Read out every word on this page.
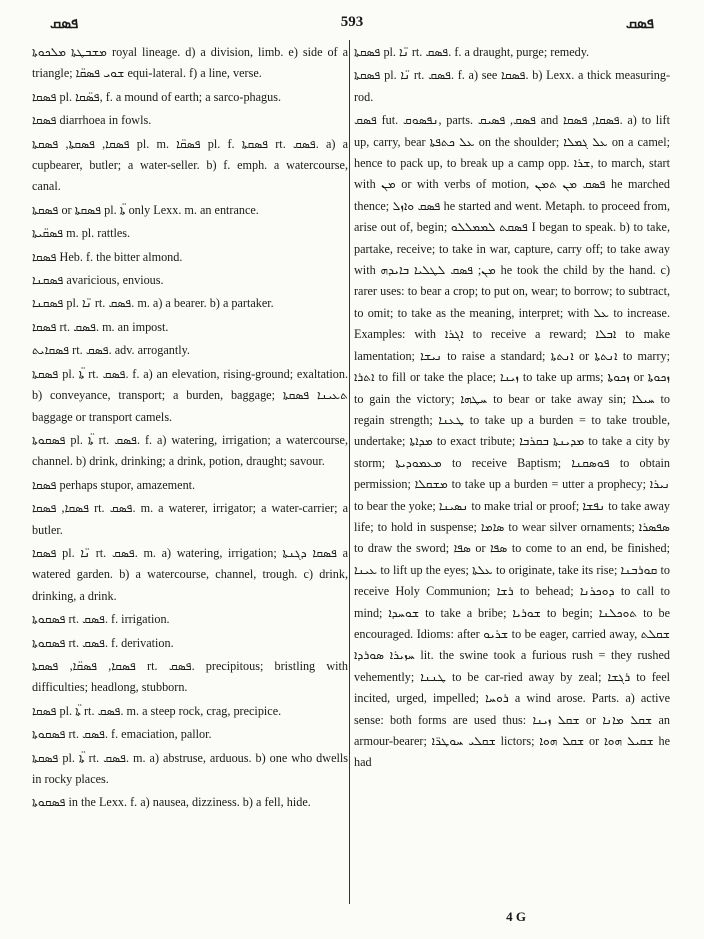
ܦܣܩ	593	ܦܣܩ

ܡܫܒܛܬܐ ܡܠܟܘܬܐ royal lineage. d) a division, limb. e) side of a triangle; ܫܘܝ ܦܣܩ̈ܐ equi-lateral. f) a line, verse.

ܦܣܩܐ pl. ܦܣ̈ܩܐ, f. a mound of earth; a sarco-phagus.

ܦܣܩܐ diarrhoea in fowls.

ܦܣܩܐ, ܦܣܩܬܐ, ܦܣܩܬܐ pl. m. ܦܣܩ̈ܐ pl. f. ܦܣܩܬܐ rt. ܦܣܩ. a) a cupbearer, butler; a water-seller. b) f. emph. a watercourse, canal.

ܦܣܩܬܐ or ܦܣܩܬܐ pl. ܬ̈ܐ only Lexx. m. an entrance.

ܦܣܩ̈ܝܬܐ m. pl. rattles.

ܦܣܩܐ Heb. f. the bitter almond.

ܦܣܩܢܐ avaricious, envious.

ܦܣܩܢܐ pl. ܢ̈ܐ rt. ܦܣܩ. m. a) a bearer. b) a partaker.

ܦܣܩܐ rt. ܦܣܩ. m. an impost.

ܦܣܩܐܝܬ rt. ܦܣܩ. adv. arrogantly.

ܦܣܩܬܐ pl. ܬ̈ܐ rt. ܦܣܩ. f. a) an elevation, rising-ground; exaltation. b) conveyance, transport; a burden, baggage; ܬܥܝܢܐ ܦܣܩܬܐ baggage or transport camels.

ܦܣܩܘܬܐ pl. ܬ̈ܐ rt. ܦܣܩ. f. a) watering, irrigation; a watercourse, channel. b) drink, drinking; a drink, potion, draught; savour.

ܦܣܩܐ perhaps stupor, amazement.

ܦܣܩܐ, ܦܣܩܐ rt. ܦܣܩ. m. a waterer, irrigator; a water-carrier; a butler.

ܦܣܩܐ pl. ܢ̈ܐ rt. ܦܣܩ. m. a) watering, irrigation; ܦܣܩܐ ܕܓܢܬܐ a watered garden. b) a watercourse, channel, trough. c) drink, drinking, a drink.

ܦܣܩܘܬܐ rt. ܦܣܩ. f. irrigation.

ܦܣܩܘܬܐ rt. ܦܣܩ. f. derivation.

ܦܣܩܐ, ܦܣܩ̈ܐ, ܦܣܩܬܐ rt. ܦܣܩ. precipitous; bristling with difficulties; headlong, stubborn.

ܦܣܩܐ pl. ܬ̈ܐ rt. ܦܣܩ. m. a steep rock, crag, precipice.

ܦܣܩܘܬܐ rt. ܦܣܩ. f. emaciation, pallor.

ܦܣܩܬܐ pl. ܬ̈ܐ rt. ܦܣܩ. m. a) abstruse, arduous. b) one who dwells in rocky places.

ܦܣܩܘܬܐ in the Lexx. f. a) nausea, dizziness. b) a fell, hide.

ܦܣܩܬܐ pl. ܢ̈ܐ rt. ܦܣܩ. f. a draught, purge; remedy.

ܦܣܩܬܐ pl. ܢ̈ܐ rt. ܦܣܩ. f. a) see ܦܣܩܐ. b) Lexx. a thick measuring-rod.

ܦܣܩ fut. ܢܦܣܘܩ, parts. ܦܣܩ, ܦܣܝܩ and ܦܣܩܐ, ܦܣܩܐ. a) to lift up, carry, bear ܥܠ ܟܬܦܬܐ on the shoulder; ܥܠ ܓܡܠܐ on a camel; hence to pack up, to break up a camp opp. ܫܪܐ, to march, start with ܡܢ or with verbs of motion, ܦܣܩ ܡܢ ܬܡܢ he marched thence; ܦܣܩ ܘܐܙܠ he started and went. Metaph. to proceed from, arise out of, begin; ܦܣܩܬ ܠܡܡܠܠܘ I began to speak. b) to take, partake, receive; to take in war, capture, carry off; to take away with ܡܢ; ܦܣܩ ܠܛܠܝܐ ܒܐܝܕܗ he took the child by the hand. c) rarer uses: to bear a crop; to put on, wear; to borrow; to subtract, to omit; to take as the meaning, interpret; with ܥܠ to increase. Examples: with ܐܓܪܐ to receive a reward; ܐܒܠܐ to make lamentation; ܢܝܫܐ to raise a standard; ܐܢܬܬܐ or ܐܢܬܬܐ to marry; ܐܬܪܐ to fill or take the place; ܙܝܢܐ to take up arms; ܙܟܘܬܐ or ܙܟܘܬܐ to gain the victory; ܚܛܗܐ to bear or take away sin; ܚܝܠܐ to regain strength; ܛܥܢܐ to take up a burden = to take trouble, undertake; ܡܕܐܬܐ to exact tribute; ܡܕܝܢܬܐ ܒܩܪܒܐ to take a city by storm; ܡܥܡܘܕܝܬܐ to receive Baptism; ܦܘܣܩܢܐ to obtain permission; ܡܫܩܠܐ to take up a burden = utter a prophecy; ܢܝܪܐ to bear the yoke; ܢܣܝܢܐ to make trial or proof; ܢܦܫܐ to take away life; to hold in suspense; ܣܐܡܐ to wear silver ornaments; ܣܦܣܪܐ to draw the sword; ܣܦܐ or ܣܦܐ to come to an end, be finished; ܥܝܢܐ to lift up the eyes; ܥܠܬܐ to originate, take its rise; ܩܘܪܒܢܐ to receive Holy Communion; ܪܫܐ to behead; ܕܘܟܪܢܐ to call to mind; ܫܘܚܕܐ to take a bribe; ܫܘܪܝܐ to begin; ܬܘܟܠܢܐ to be encouraged. Idioms: after ܫܪܝܘ to be eager, carried away, ܫܩܠܬ ܚܙܝܪܐ ܣܘܪܕܐ lit. the swine took a furious rush = they rushed vehemently; ܛܢܢܐ to be car-ried away by zeal; ܪܓܫܐ to feel incited, urged, impelled; ܪܘܚܐ a wind arose. Parts. a) active sense: both forms are used thus: ܫܩܠ ܙܝܢܐ or ܫܩܠ ܡܐܢܐ an armour-bearer; ܫܩܠܝ ܚܘܛܪ̈ܐ lictors; ܫܩܠ ܗܘܐ or ܫܩܝܠ ܗܘܐ he had

4 G
